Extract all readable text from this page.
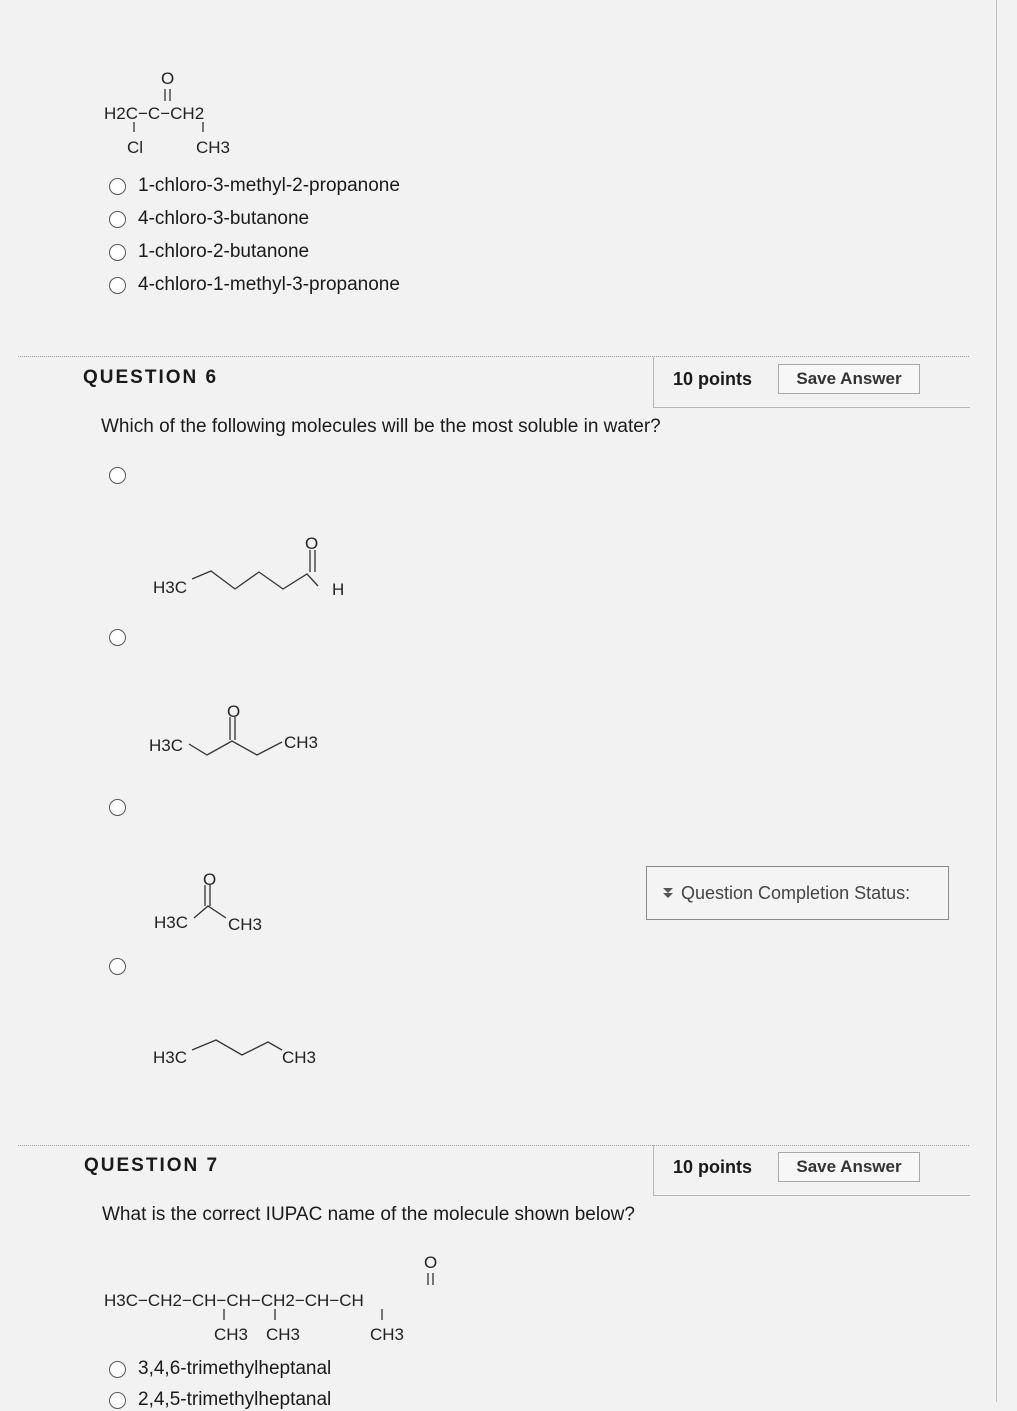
O
H2C−C−CH2
Cl	CH3
1-chloro-3-methyl-2-propanone
4-chloro-3-butanone
1-chloro-2-butanone
4-chloro-1-methyl-3-propanone
QUESTION 6	10 points	Save Answer
Which of the following molecules will be the most soluble in water?
H3C
O
H
H3C
O
CH3
H3C
O
CH3
H3C	CH3
Question Completion Status:
QUESTION 7	10 points	Save Answer
What is the correct IUPAC name of the molecule shown below?
O
H3C−CH2−CH−CH−CH2−CH−CH
CH3 CH3	CH3
3,4,6-trimethylheptanal
2,4,5-trimethylheptanal
